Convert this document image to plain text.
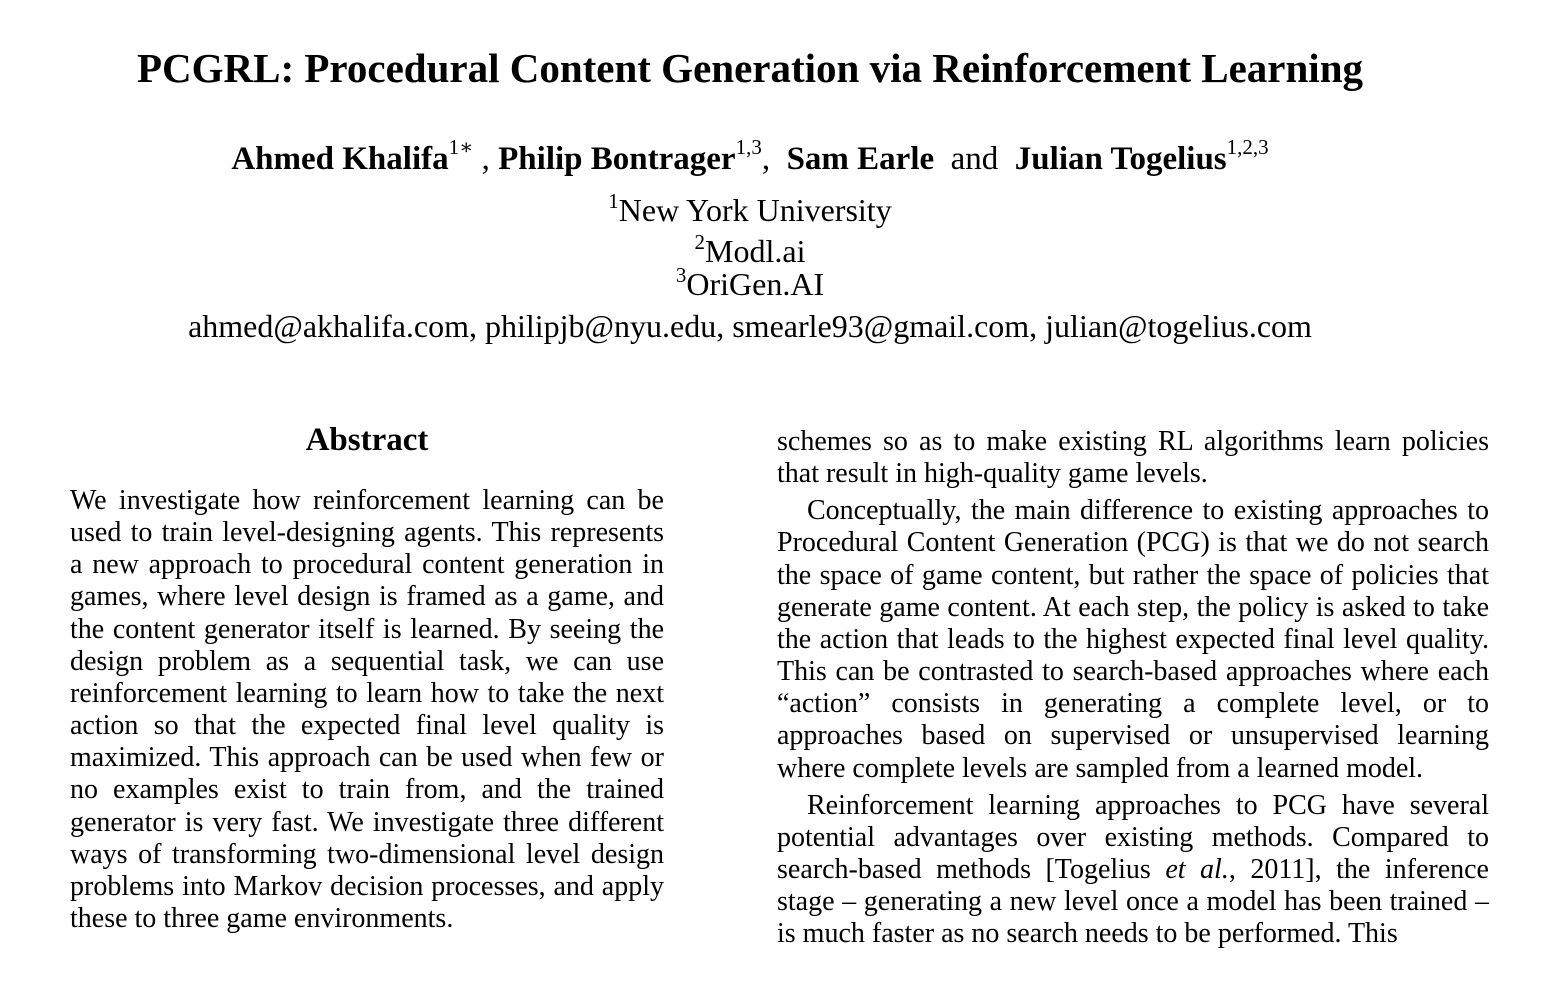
PCGRL: Procedural Content Generation via Reinforcement Learning
Ahmed Khalifa$^{1∗}$ , Philip Bontrager$^{1,3}$, Sam Earle and Julian Togelius$^{1,2,3}$
$^1$New York University
$^2$Modl.ai
$^3$OriGen.AI
ahmed@akhalifa.com, philipjb@nyu.edu, smearle93@gmail.com, julian@togelius.com
Abstract

We investigate how reinforcement learning can be used to train level-designing agents. This represents a new approach to procedural content generation in games, where level design is framed as a game, and the content generator itself is learned. By seeing the design problem as a sequential task, we can use reinforcement learning to learn how to take the next action so that the expected final level quality is maximized. This approach can be used when few or no examples exist to train from, and the trained generator is very fast. We investigate three different ways of transforming two-dimensional level design problems into Markov decision processes, and apply these to three game environments.

schemes so as to make existing RL algorithms learn policies that result in high-quality game levels.

Conceptually, the main difference to existing approaches to Procedural Content Generation (PCG) is that we do not search the space of game content, but rather the space of policies that generate game content. At each step, the policy is asked to take the action that leads to the highest expected final level quality. This can be contrasted to search-based approaches where each “action” consists in generating a complete level, or to approaches based on supervised or unsupervised learning where complete levels are sampled from a learned model.

Reinforcement learning approaches to PCG have several potential advantages over existing methods. Compared to search-based methods [Togelius et al., 2011], the inference stage – generating a new level once a model has been trained – is much faster as no search needs to be performed. This
